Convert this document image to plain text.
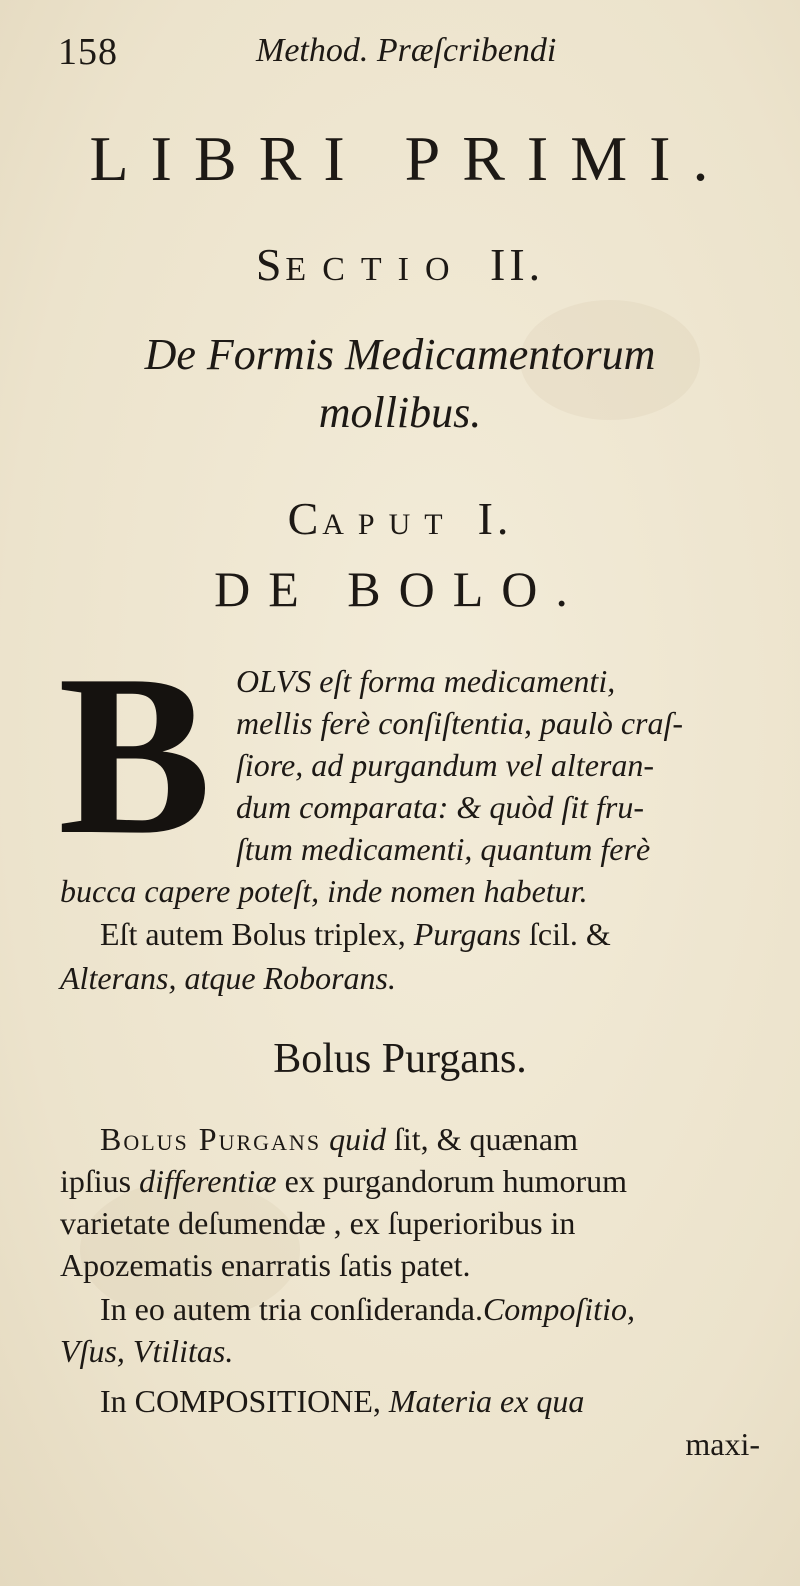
158	Method. Præſcribendi
LIBRI PRIMI.
SECTIO II.
De Formis Medicamentorum
mollibus.
CAPUT I.
DE BOLO.
B OLVS eſt forma medicamenti,
mellis ferè conſiſtentia, paulò craſ-
ſiore, ad purgandum vel alteran-
dum comparata: & quòd ſit fru-
ſtum medicamenti, quantum ferè
bucca capere poteſt, inde nomen habetur.
Eſt autem Bolus triplex, Purgans ſcil. &
Alterans, atque Roborans.
Bolus Purgans.
Bolus Purgans quid ſit, & quænam
ipſius differentiæ ex purgandorum humorum
varietate deſumendæ , ex ſuperioribus in
Apozematis enarratis ſatis patet.
In eo autem tria conſideranda.Compoſitio,
Vſus, Vtilitas.
In COMPOSITIONE, Materia ex qua
maxi-
